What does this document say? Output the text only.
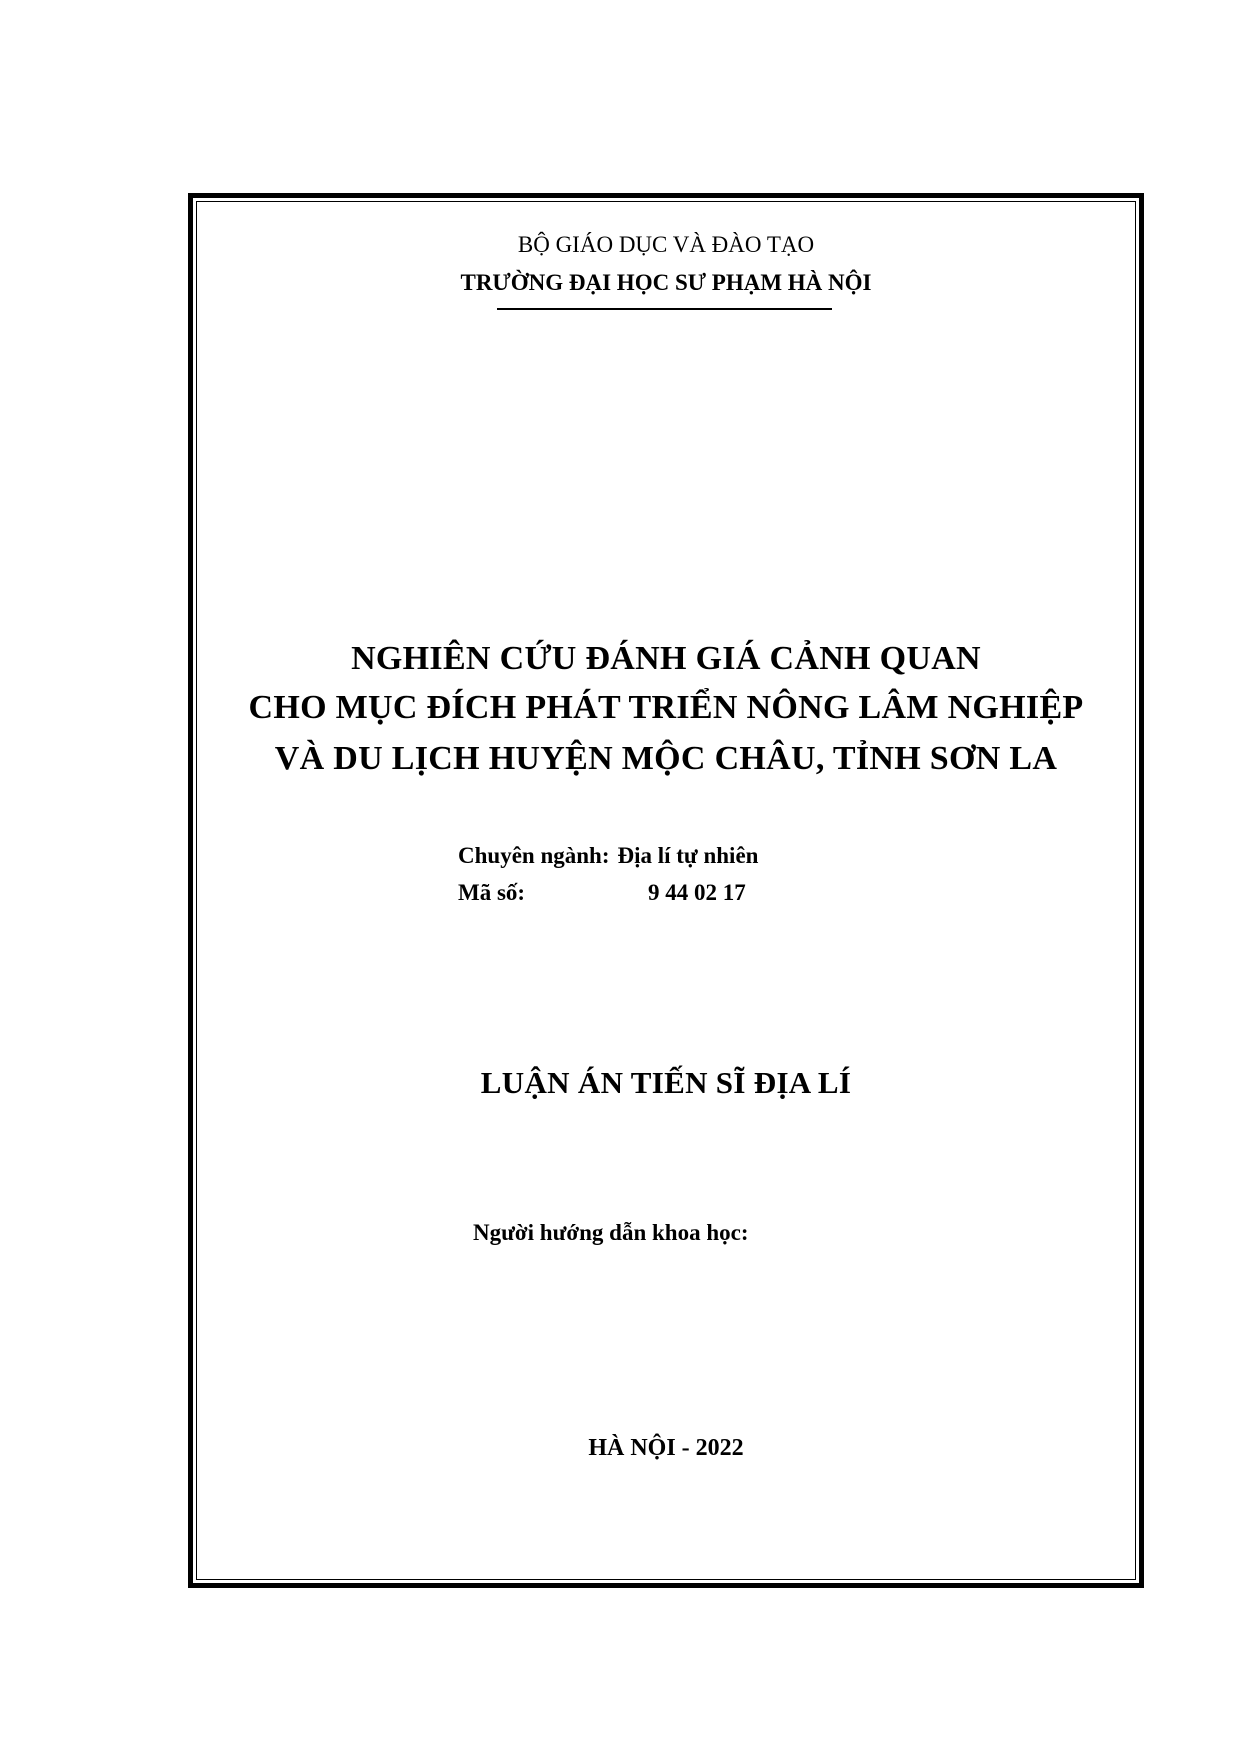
BỘ GIÁO DỤC VÀ ĐÀO TẠO
TRƯỜNG ĐẠI HỌC SƯ PHẠM HÀ NỘI
NGHIÊN CỨU ĐÁNH GIÁ CẢNH QUAN
CHO MỤC ĐÍCH PHÁT TRIỂN NÔNG LÂM NGHIỆP
VÀ DU LỊCH HUYỆN MỘC CHÂU, TỈNH SƠN LA
Chuyên ngành: Địa lí tự nhiên
Mã số:	9 44 02 17
LUẬN ÁN TIẾN SĨ ĐỊA LÍ
Người hướng dẫn khoa học:
HÀ NỘI - 2022
